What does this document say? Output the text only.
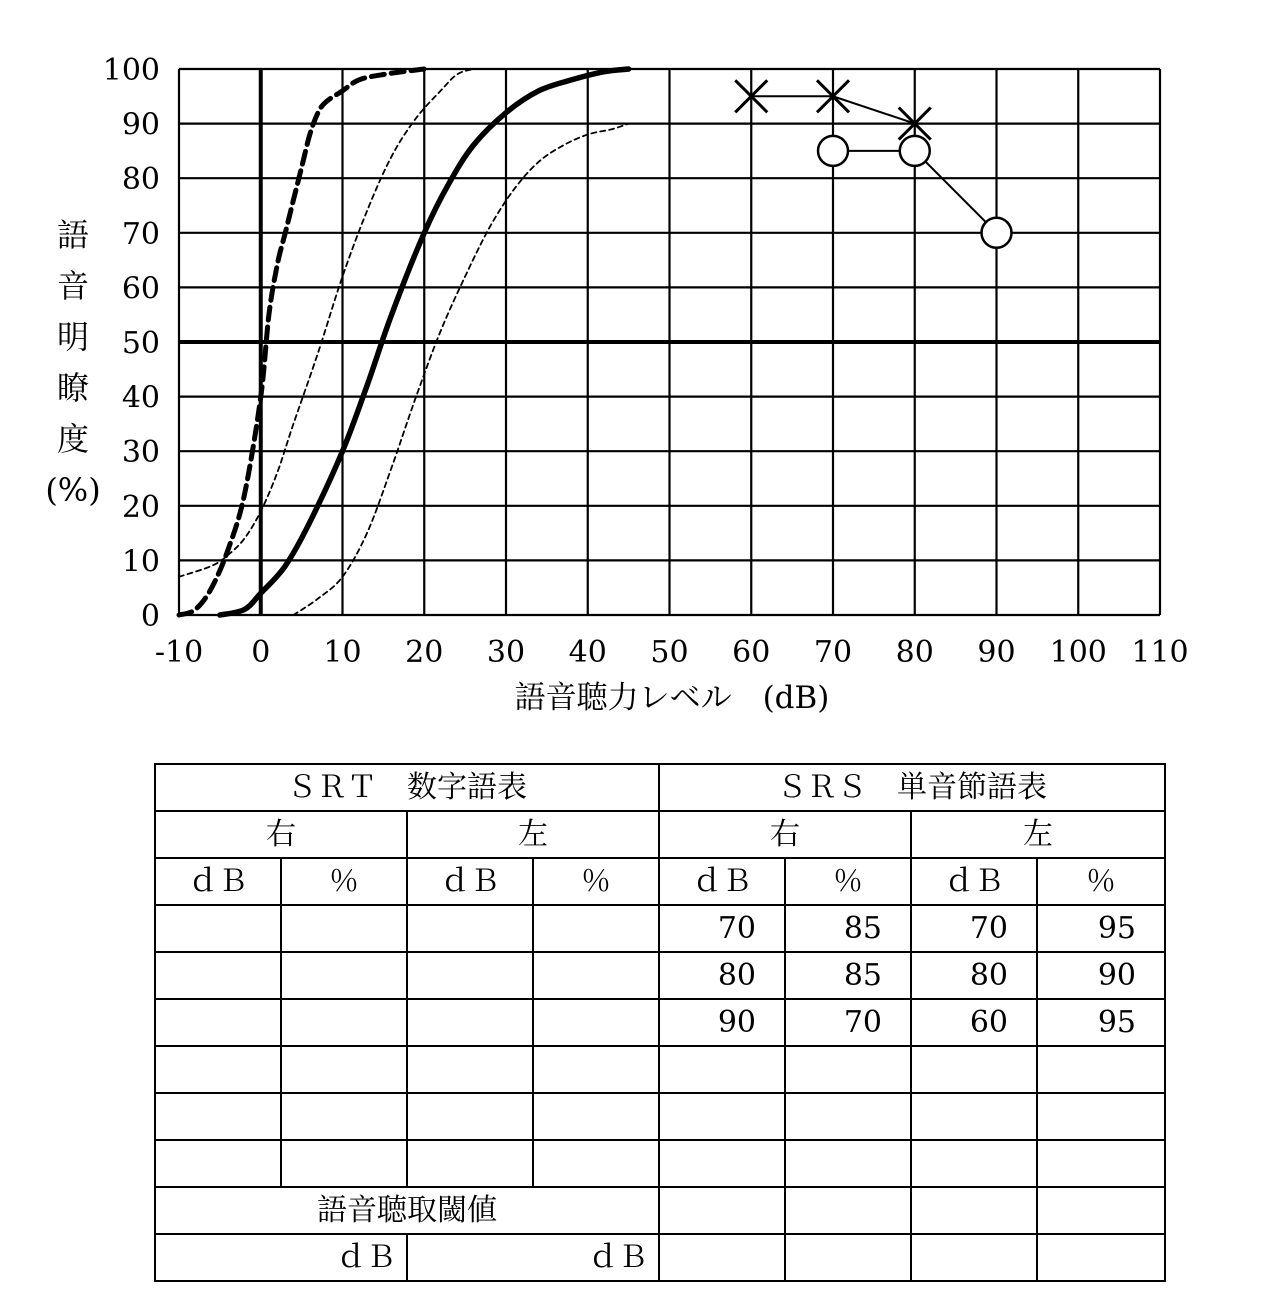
-10 0 10 20 30 40 50 60 70 80 90 100 110
0
10
20
30
40
50
60
70
80
90
100
語
音
明
瞭
度
(%)
語音聴力レベル　(dB)
ＳＲＴ　数字語表				ＳＲＳ　単音節語表			
右		左		右		左	
ｄＢ	％	ｄＢ	％	ｄＢ	％	ｄＢ	％
				70	85	70	95
				80	85	80	90
				90	70	60	95

語音聴取閾値							
ｄＢ		ｄＢ					
